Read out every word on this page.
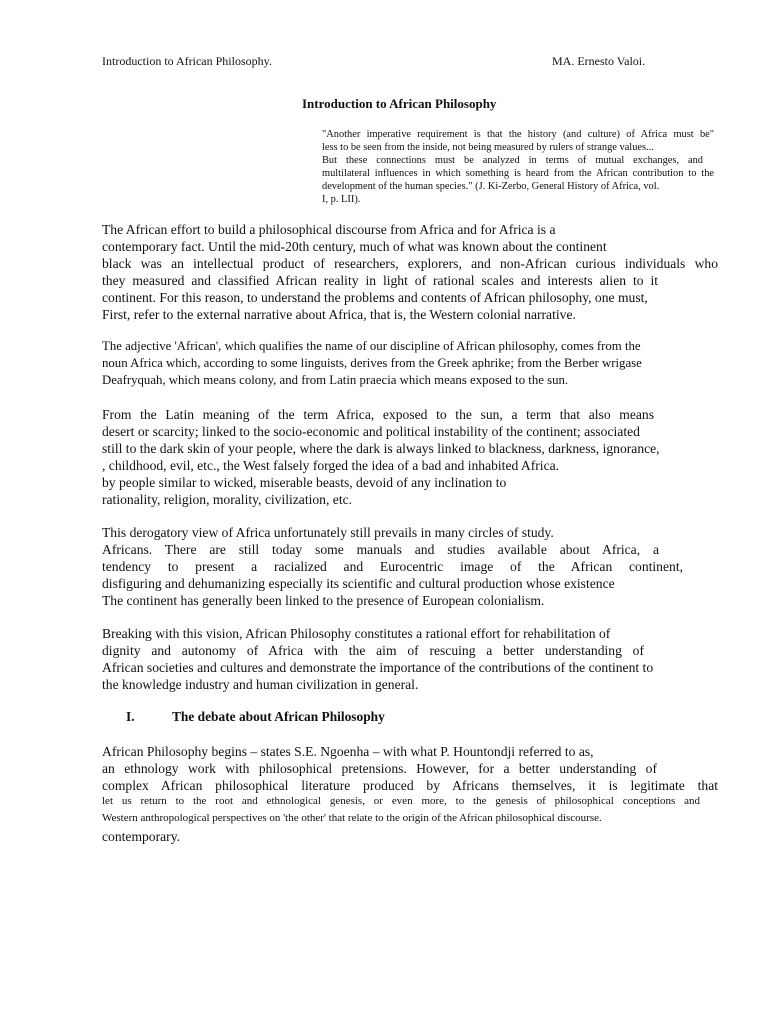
Introduction to African Philosophy.	MA. Ernesto Valoi.
Introduction to African Philosophy
"Another imperative requirement is that the history (and culture) of Africa must be"
less to be seen from the inside, not being measured by rulers of strange values...
But these connections must be analyzed in terms of mutual exchanges, and
multilateral influences in which something is heard from the African contribution to the
development of the human species." (J. Ki-Zerbo, General History of Africa, vol.
I, p. LII).
The African effort to build a philosophical discourse from Africa and for Africa is a
contemporary fact. Until the mid-20th century, much of what was known about the continent
black was an intellectual product of researchers, explorers, and non-African curious individuals who
they measured and classified African reality in light of rational scales and interests alien to it
continent. For this reason, to understand the problems and contents of African philosophy, one must,
First, refer to the external narrative about Africa, that is, the Western colonial narrative.
The adjective 'African', which qualifies the name of our discipline of African philosophy, comes from the
noun Africa which, according to some linguists, derives from the Greek aphrike; from the Berber wrigase
Deafryquah, which means colony, and from Latin praecia which means exposed to the sun.
From the Latin meaning of the term Africa, exposed to the sun, a term that also means
desert or scarcity; linked to the socio-economic and political instability of the continent; associated
still to the dark skin of your people, where the dark is always linked to blackness, darkness, ignorance,
, childhood, evil, etc., the West falsely forged the idea of a bad and inhabited Africa.
by people similar to wicked, miserable beasts, devoid of any inclination to
rationality, religion, morality, civilization, etc.
This derogatory view of Africa unfortunately still prevails in many circles of study.
Africans. There are still today some manuals and studies available about Africa, a
tendency to present a racialized and Eurocentric image of the African continent,
disfiguring and dehumanizing especially its scientific and cultural production whose existence
The continent has generally been linked to the presence of European colonialism.
Breaking with this vision, African Philosophy constitutes a rational effort for rehabilitation of
dignity and autonomy of Africa with the aim of rescuing a better understanding of
African societies and cultures and demonstrate the importance of the contributions of the continent to
the knowledge industry and human civilization in general.
I.	The debate about African Philosophy
African Philosophy begins – states S.E. Ngoenha – with what P. Hountondji referred to as,
an ethnology work with philosophical pretensions. However, for a better understanding of
complex African philosophical literature produced by Africans themselves, it is legitimate that
let us return to the root and ethnological genesis, or even more, to the genesis of philosophical conceptions and
Western anthropological perspectives on 'the other' that relate to the origin of the African philosophical discourse.
contemporary.
